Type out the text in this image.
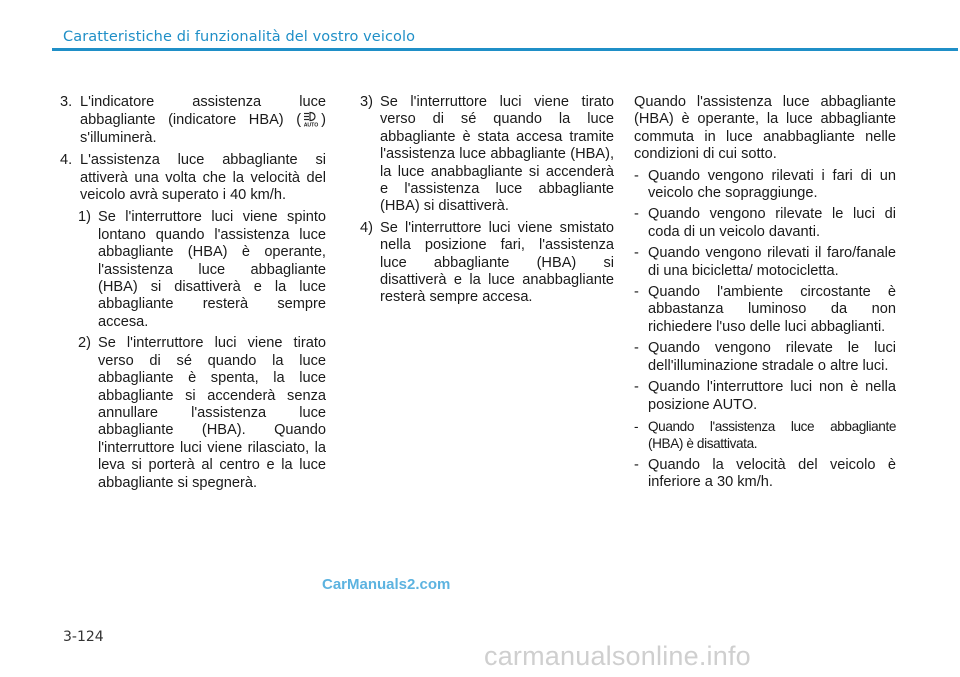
Caratteristiche di funzionalità del vostro veicolo
3. L'indicatore assistenza luce abbagliante (indicatore HBA) ( AUTO ) s'illuminerà.
4. L'assistenza luce abbagliante si attiverà una volta che la velocità del veicolo avrà superato i 40 km/h.
1) Se l'interruttore luci viene spinto lontano quando l'assistenza luce abbagliante (HBA) è operante, l'assistenza luce abbagliante (HBA) si disattiverà e la luce abbagliante resterà sempre accesa.
2) Se l'interruttore luci viene tirato verso di sé quando la luce abbagliante è spenta, la luce abbagliante si accenderà senza annullare l'assistenza luce abbagliante (HBA). Quando l'interruttore luci viene rilasciato, la leva si porterà al centro e la luce abbagliante si spegnerà.
3) Se l'interruttore luci viene tirato verso di sé quando la luce abbagliante è stata accesa tramite l'assistenza luce abbagliante (HBA), la luce anabbagliante si accenderà e l'assistenza luce abbagliante (HBA) si disattiverà.
4) Se l'interruttore luci viene smistato nella posizione fari, l'assistenza luce abbagliante (HBA) si disattiverà e la luce anabbagliante resterà sempre accesa.

Quando l'assistenza luce abbagliante (HBA) è operante, la luce abbagliante commuta in luce anabbagliante nelle condizioni di cui sotto.

- Quando vengono rilevati i fari di un veicolo che sopraggiunge.
- Quando vengono rilevate le luci di coda di un veicolo davanti.
- Quando vengono rilevati il faro/fanale di una bicicletta/ motocicletta.
- Quando l'ambiente circostante è abbastanza luminoso da non richiedere l'uso delle luci abbaglianti.
- Quando vengono rilevate le luci dell'illuminazione stradale o altre luci.
- Quando l'interruttore luci non è nella posizione AUTO.
- Quando l'assistenza luce abbagliante (HBA) è disattivata.
- Quando la velocità del veicolo è inferiore a 30 km/h.
CarManuals2.com
3-124
carmanualsonline.info
